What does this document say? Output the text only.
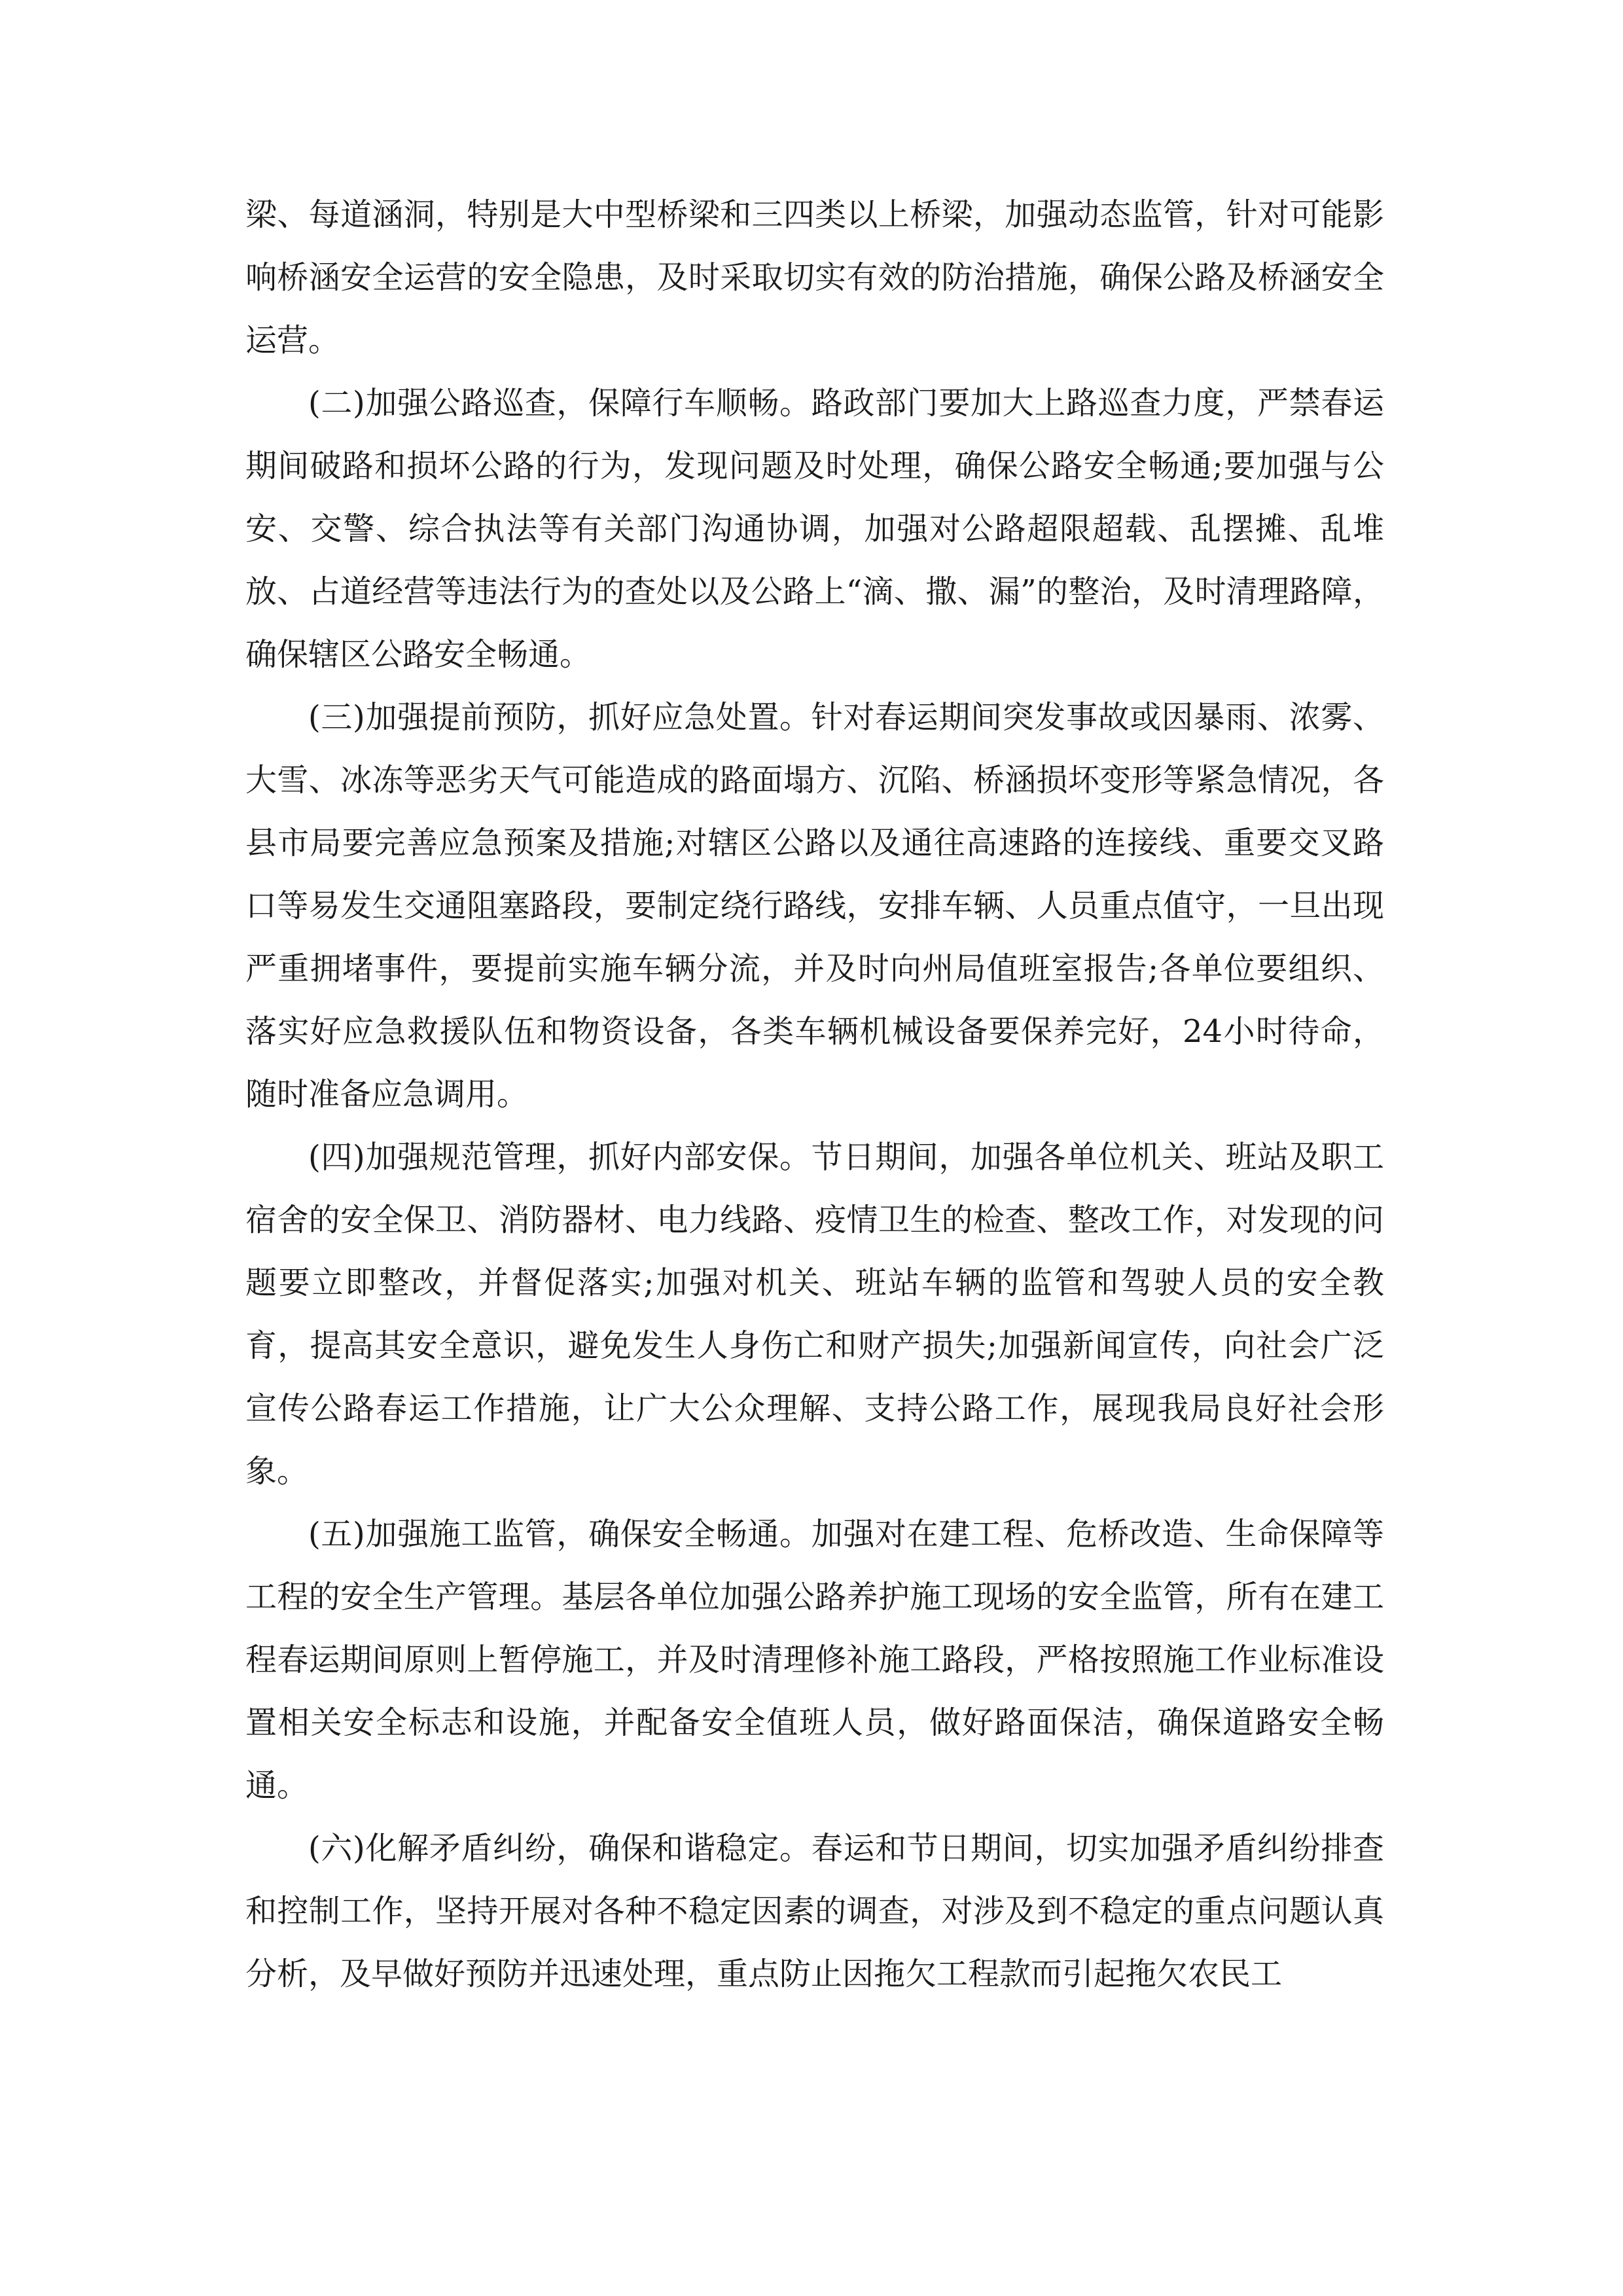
梁、每道涵洞，特别是大中型桥梁和三四类以上桥梁，加强动态监管，针对可能影响桥涵安全运营的安全隐患，及时采取切实有效的防治措施，确保公路及桥涵安全运营。

(二)加强公路巡查，保障行车顺畅。路政部门要加大上路巡查力度，严禁春运期间破路和损坏公路的行为，发现问题及时处理，确保公路安全畅通;要加强与公安、交警、综合执法等有关部门沟通协调，加强对公路超限超载、乱摆摊、乱堆放、占道经营等违法行为的查处以及公路上“滴、撒、漏”的整治，及时清理路障，确保辖区公路安全畅通。

(三)加强提前预防，抓好应急处置。针对春运期间突发事故或因暴雨、浓雾、大雪、冰冻等恶劣天气可能造成的路面塌方、沉陷、桥涵损坏变形等紧急情况，各县市局要完善应急预案及措施;对辖区公路以及通往高速路的连接线、重要交叉路口等易发生交通阻塞路段，要制定绕行路线，安排车辆、人员重点值守，一旦出现严重拥堵事件，要提前实施车辆分流，并及时向州局值班室报告;各单位要组织、落实好应急救援队伍和物资设备，各类车辆机械设备要保养完好，24小时待命，随时准备应急调用。

(四)加强规范管理，抓好内部安保。节日期间，加强各单位机关、班站及职工宿舍的安全保卫、消防器材、电力线路、疫情卫生的检查、整改工作，对发现的问题要立即整改，并督促落实;加强对机关、班站车辆的监管和驾驶人员的安全教育，提高其安全意识，避免发生人身伤亡和财产损失;加强新闻宣传，向社会广泛宣传公路春运工作措施，让广大公众理解、支持公路工作，展现我局良好社会形象。

(五)加强施工监管，确保安全畅通。加强对在建工程、危桥改造、生命保障等工程的安全生产管理。基层各单位加强公路养护施工现场的安全监管，所有在建工程春运期间原则上暂停施工，并及时清理修补施工路段，严格按照施工作业标准设置相关安全标志和设施，并配备安全值班人员，做好路面保洁，确保道路安全畅通。

(六)化解矛盾纠纷，确保和谐稳定。春运和节日期间，切实加强矛盾纠纷排查和控制工作，坚持开展对各种不稳定因素的调查，对涉及到不稳定的重点问题认真分析，及早做好预防并迅速处理，重点防止因拖欠工程款而引起拖欠农民工
